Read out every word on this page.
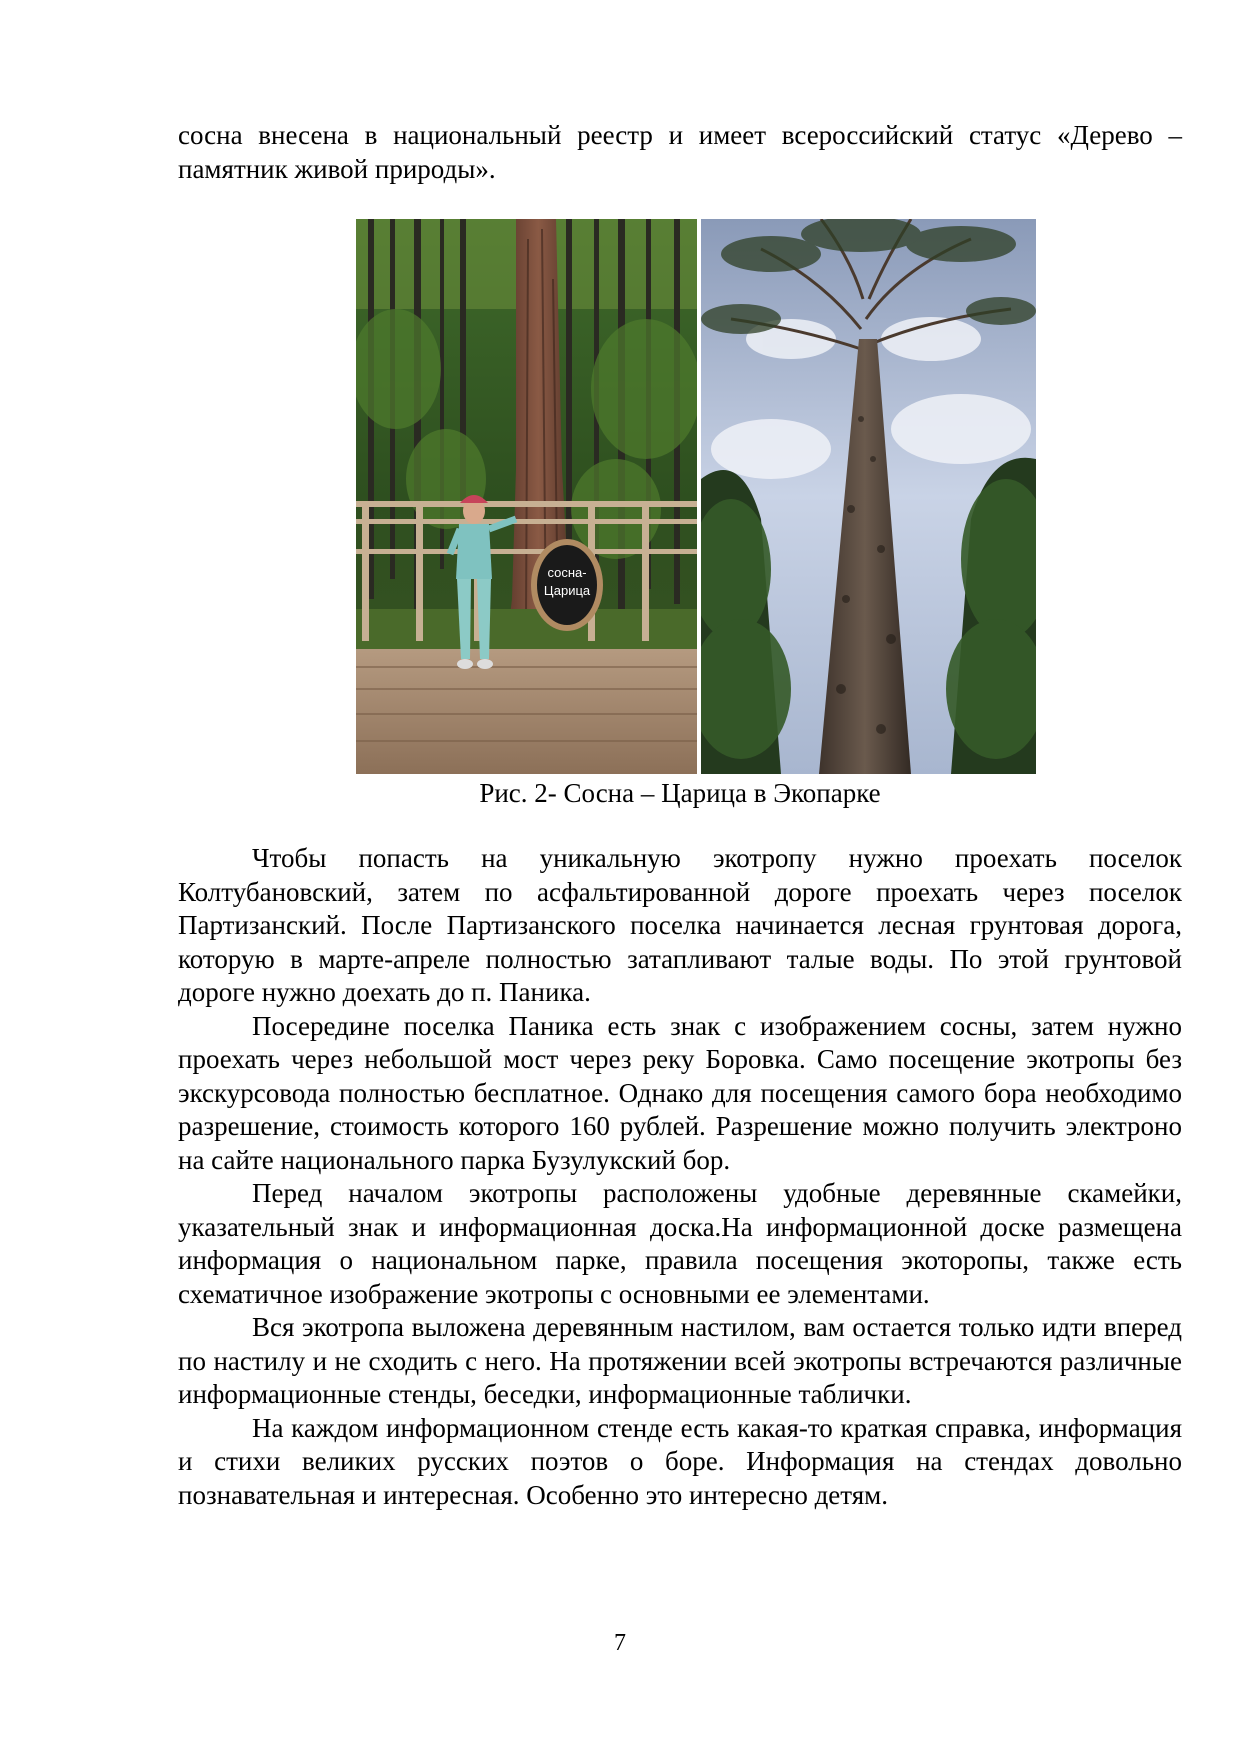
сосна внесена в национальный реестр и имеет всероссийский статус «Дерево – памятник живой природы».

сосна-
Царица
Рис. 2- Сосна – Царица в Экопарке

Чтобы попасть на уникальную экотропу нужно проехать поселок Колтубановский, затем по асфальтированной дороге проехать через поселок Партизанский. После Партизанского поселка начинается лесная грунтовая дорога, которую в марте-апреле полностью затапливают талые воды. По этой грунтовой дороге нужно доехать до п. Паника.

Посередине поселка Паника есть знак с изображением сосны, затем нужно проехать через небольшой мост через реку Боровка. Само посещение экотропы без экскурсовода полностью бесплатное. Однако для посещения самого бора необходимо разрешение, стоимость которого 160 рублей. Разрешение можно получить электроно на сайте национального парка Бузулукский бор.

Перед началом экотропы расположены удобные деревянные скамейки, указательный знак и информационная доска.На информационной доске размещена информация о национальном парке, правила посещения экоторопы, также есть схематичное изображение экотропы с основными ее элементами.

Вся экотропа выложена деревянным настилом, вам остается только идти вперед по настилу и не сходить с него. На протяжении всей экотропы встречаются различные информационные стенды, беседки, информационные таблички.

На каждом информационном стенде есть какая-то краткая справка, информация и стихи великих русских поэтов о боре. Информация на стендах довольно познавательная и интересная. Особенно это интересно детям.

7
